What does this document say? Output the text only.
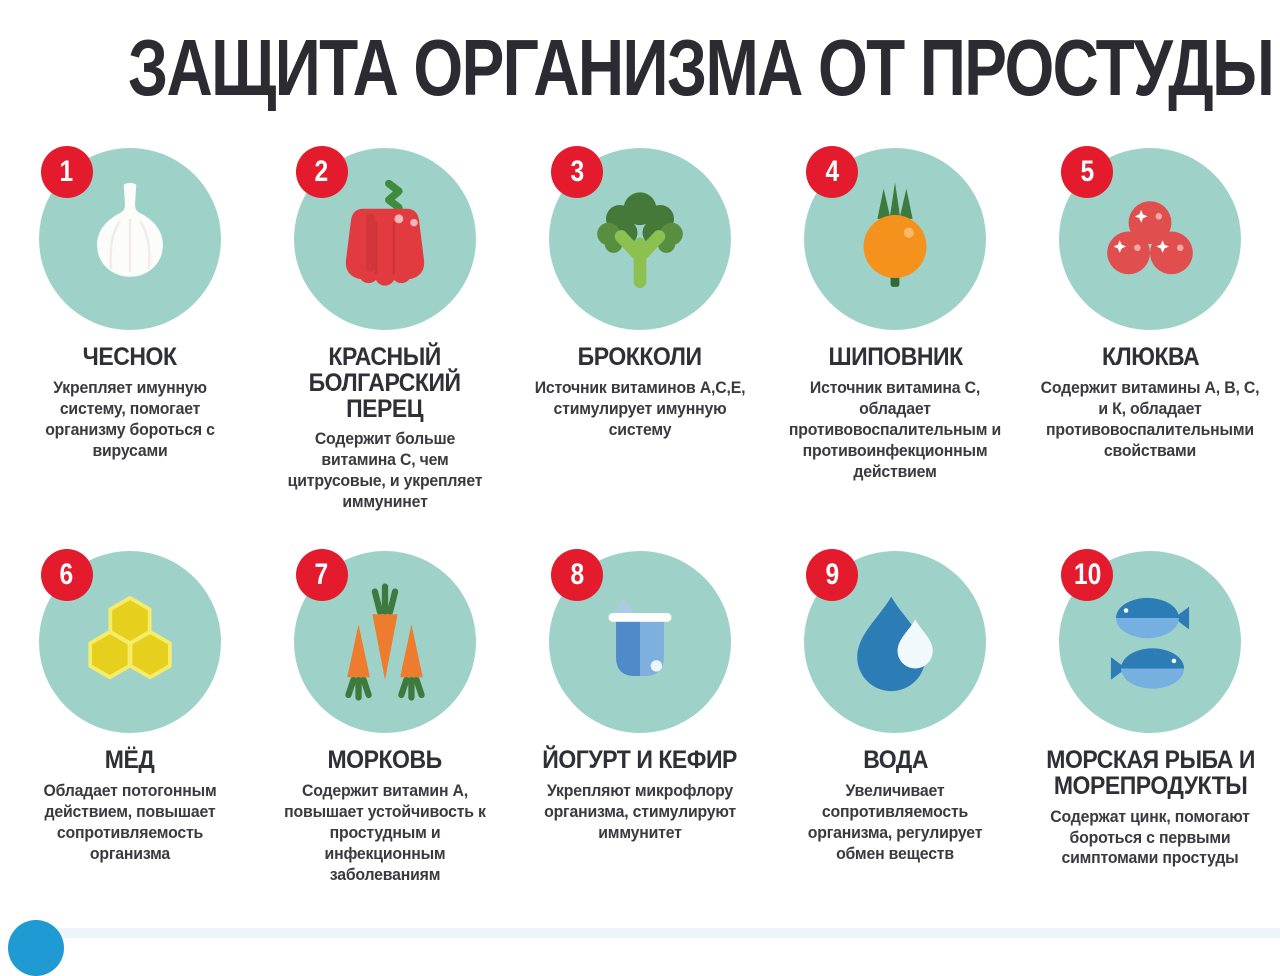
ЗАЩИТА ОРГАНИЗМА ОТ ПРОСТУДЫ
1
ЧЕСНОК

Укрепляет имунную систему, помогает организму бороться с вирусами

2
КРАСНЫЙ БОЛГАРСКИЙ ПЕРЕЦ

Содержит больше витамина С, чем цитрусовые, и укрепляет иммунинет

3
БРОККОЛИ

Источник витаминов А,С,Е, стимулирует имунную систему

4
ШИПОВНИК

Источник витамина С, обладает противовоспалительным и противоинфекционным действием

5
КЛЮКВА

Содержит витамины А, В, С, и К, обладает противовоспалительными свойствами

6
МЁД

Обладает потогонным действием, повышает сопротивляемость организма

7
МОРКОВЬ

Содержит витамин А, повышает устойчивость к простудным и инфекционным заболеваниям

8
ЙОГУРТ И КЕФИР

Укрепляют микрофлору организма, стимулируют иммунитет

9
ВОДА

Увеличивает сопротивляемость организма, регулирует обмен веществ

10
МОРСКАЯ РЫБА И МОРЕПРОДУКТЫ

Содержат цинк, помогают бороться с первыми симптомами простуды
